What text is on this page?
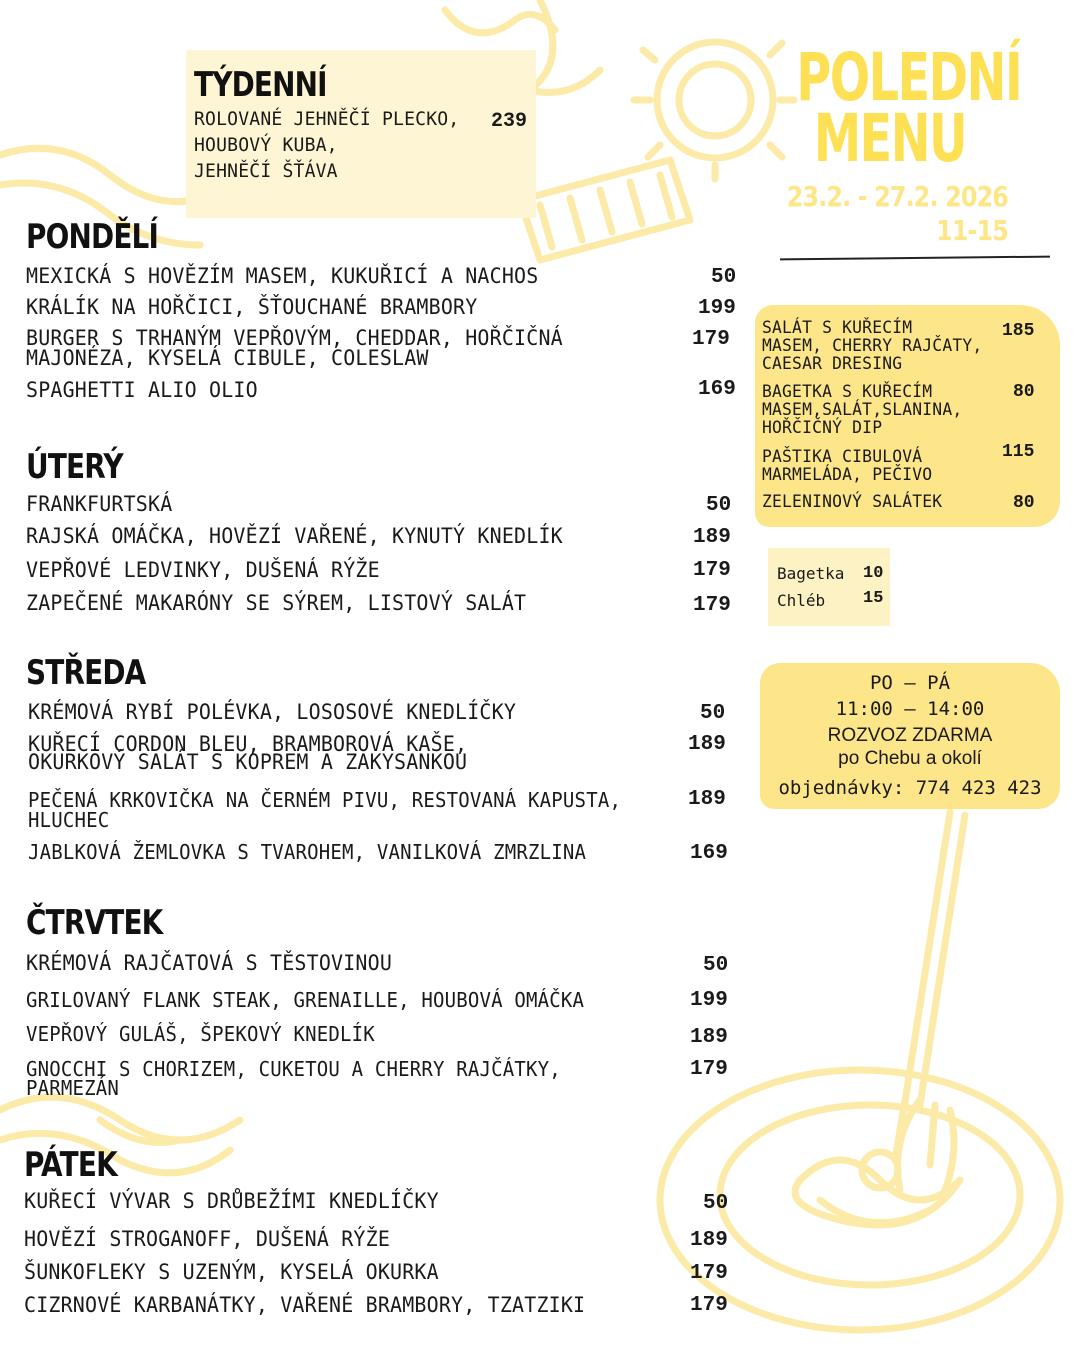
POLEDNÍ
MENU
23.2. - 27.2. 2026
11-15
TÝDENNÍ
ROLOVANÉ JEHNĚČÍ PLECKO,
HOUBOVÝ KUBA,
JEHNĚČÍ ŠŤÁVA
239
PONDĚLÍ
MEXICKÁ S HOVĚZÍM MASEM, KUKUŘICÍ A NACHOS	50
KRÁLÍK NA HOŘČICI, ŠŤOUCHANÉ BRAMBORY	199
BURGER S TRHANÝM VEPŘOVÝM, CHEDDAR, HOŘČIČNÁ
MAJONÉZA, KYSELÁ CIBULE, COLESLAW
179
SPAGHETTI ALIO OLIO	169
ÚTERÝ
FRANKFURTSKÁ	50
RAJSKÁ OMÁČKA, HOVĚZÍ VAŘENÉ, KYNUTÝ KNEDLÍK	189
VEPŘOVÉ LEDVINKY, DUŠENÁ RÝŽE	179
ZAPEČENÉ MAKARÓNY SE SÝREM, LISTOVÝ SALÁT	179
STŘEDA
KRÉMOVÁ RYBÍ POLÉVKA, LOSOSOVÉ KNEDLÍČKY	50
KUŘECÍ CORDON BLEU, BRAMBOROVÁ KAŠE,
OKURKOVÝ SALÁT S KOPREM A ZAKYSANKOU
189
PEČENÁ KRKOVIČKA NA ČERNÉM PIVU, RESTOVANÁ KAPUSTA,
HLUCHEC
189
JABLKOVÁ ŽEMLOVKA S TVAROHEM, VANILKOVÁ ZMRZLINA	169
ČTRVTEK
KRÉMOVÁ RAJČATOVÁ S TĚSTOVINOU	50
GRILOVANÝ FLANK STEAK, GRENAILLE, HOUBOVÁ OMÁČKA	199
VEPŘOVÝ GULÁŠ, ŠPEKOVÝ KNEDLÍK	189
GNOCCHI S CHORIZEM, CUKETOU A CHERRY RAJČÁTKY,
PARMEZÁN
179
PÁTEK
KUŘECÍ VÝVAR S DRŮBEŽÍMI KNEDLÍČKY	50
HOVĚZÍ STROGANOFF, DUŠENÁ RÝŽE	189
ŠUNKOFLEKY S UZENÝM, KYSELÁ OKURKA	179
CIZRNOVÉ KARBANÁTKY, VAŘENÉ BRAMBORY, TZATZIKI	179
SALÁT S KUŘECÍM
MASEM, CHERRY RAJČATY,
CAESAR DRESING
185
BAGETKA S KUŘECÍM
MASEM,SALÁT,SLANINA,
HOŘČIČNÝ DIP
80
PAŠTIKA CIBULOVÁ
MARMELÁDA, PEČIVO
115
ZELENINOVÝ SALÁTEK	80
Bagetka 10
Chléb 15
PO – PÁ
11:00 – 14:00
ROZVOZ ZDARMA
po Chebu a okolí
objednávky: 774 423 423
